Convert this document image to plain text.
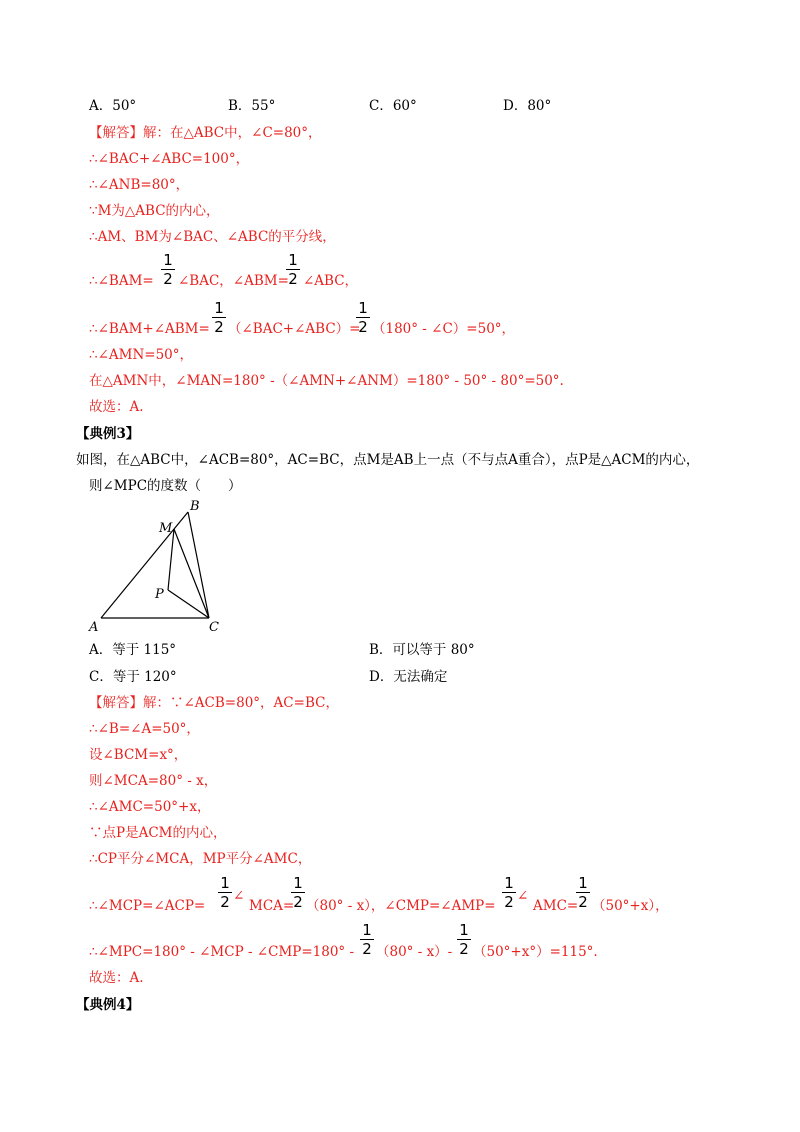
A．50°	B．55°	C．60°	D．80°
【解答】解：在△ABC中，∠C=80°，
∴∠BAC+∠ABC=100°，
∴∠ANB=80°，
∵M为△ABC的内心，
∴AM、BM为∠BAC、∠ABC的平分线，
∴∠BAM=
1
2 ∠BAC，∠ABM=
1
2 ∠ABC，
∴∠BAM+∠ABM=
1
2 （∠BAC+∠ABC）=
1
2 （180° - ∠C）=50°，
∴∠AMN=50°，
在△AMN中，∠MAN=180° -（∠AMN+∠ANM）=180° - 50° - 80°=50°.
故选：A.
【典例3】
如图，在△ABC中，∠ACB=80°，AC=BC，点M是AB上一点（不与点A重合），点P是△ACM的内心，
则∠MPC的度数（　　）
B
M
P
A	C
A．等于 115°	B．可以等于 80°
C．等于 120°	D．无法确定
【解答】解：∵∠ACB=80°，AC=BC，
∴∠B=∠A=50°，
设∠BCM=x°，
则∠MCA=80° - x，
∴∠AMC=50°+x，
∵点P是ACM的内心，
∴CP平分∠MCA，MP平分∠AMC，
∴∠MCP=∠ACP=
1
2 ∠
MCA=
1
2 （80° - x），∠CMP=∠AMP=
1
2 ∠
AMC=
1
2 （50°+x），
∴∠MPC=180° - ∠MCP - ∠CMP=180° -
1
2 （80° - x）-
1
2 （50°+x°）=115°.
故选：A.
【典例4】
